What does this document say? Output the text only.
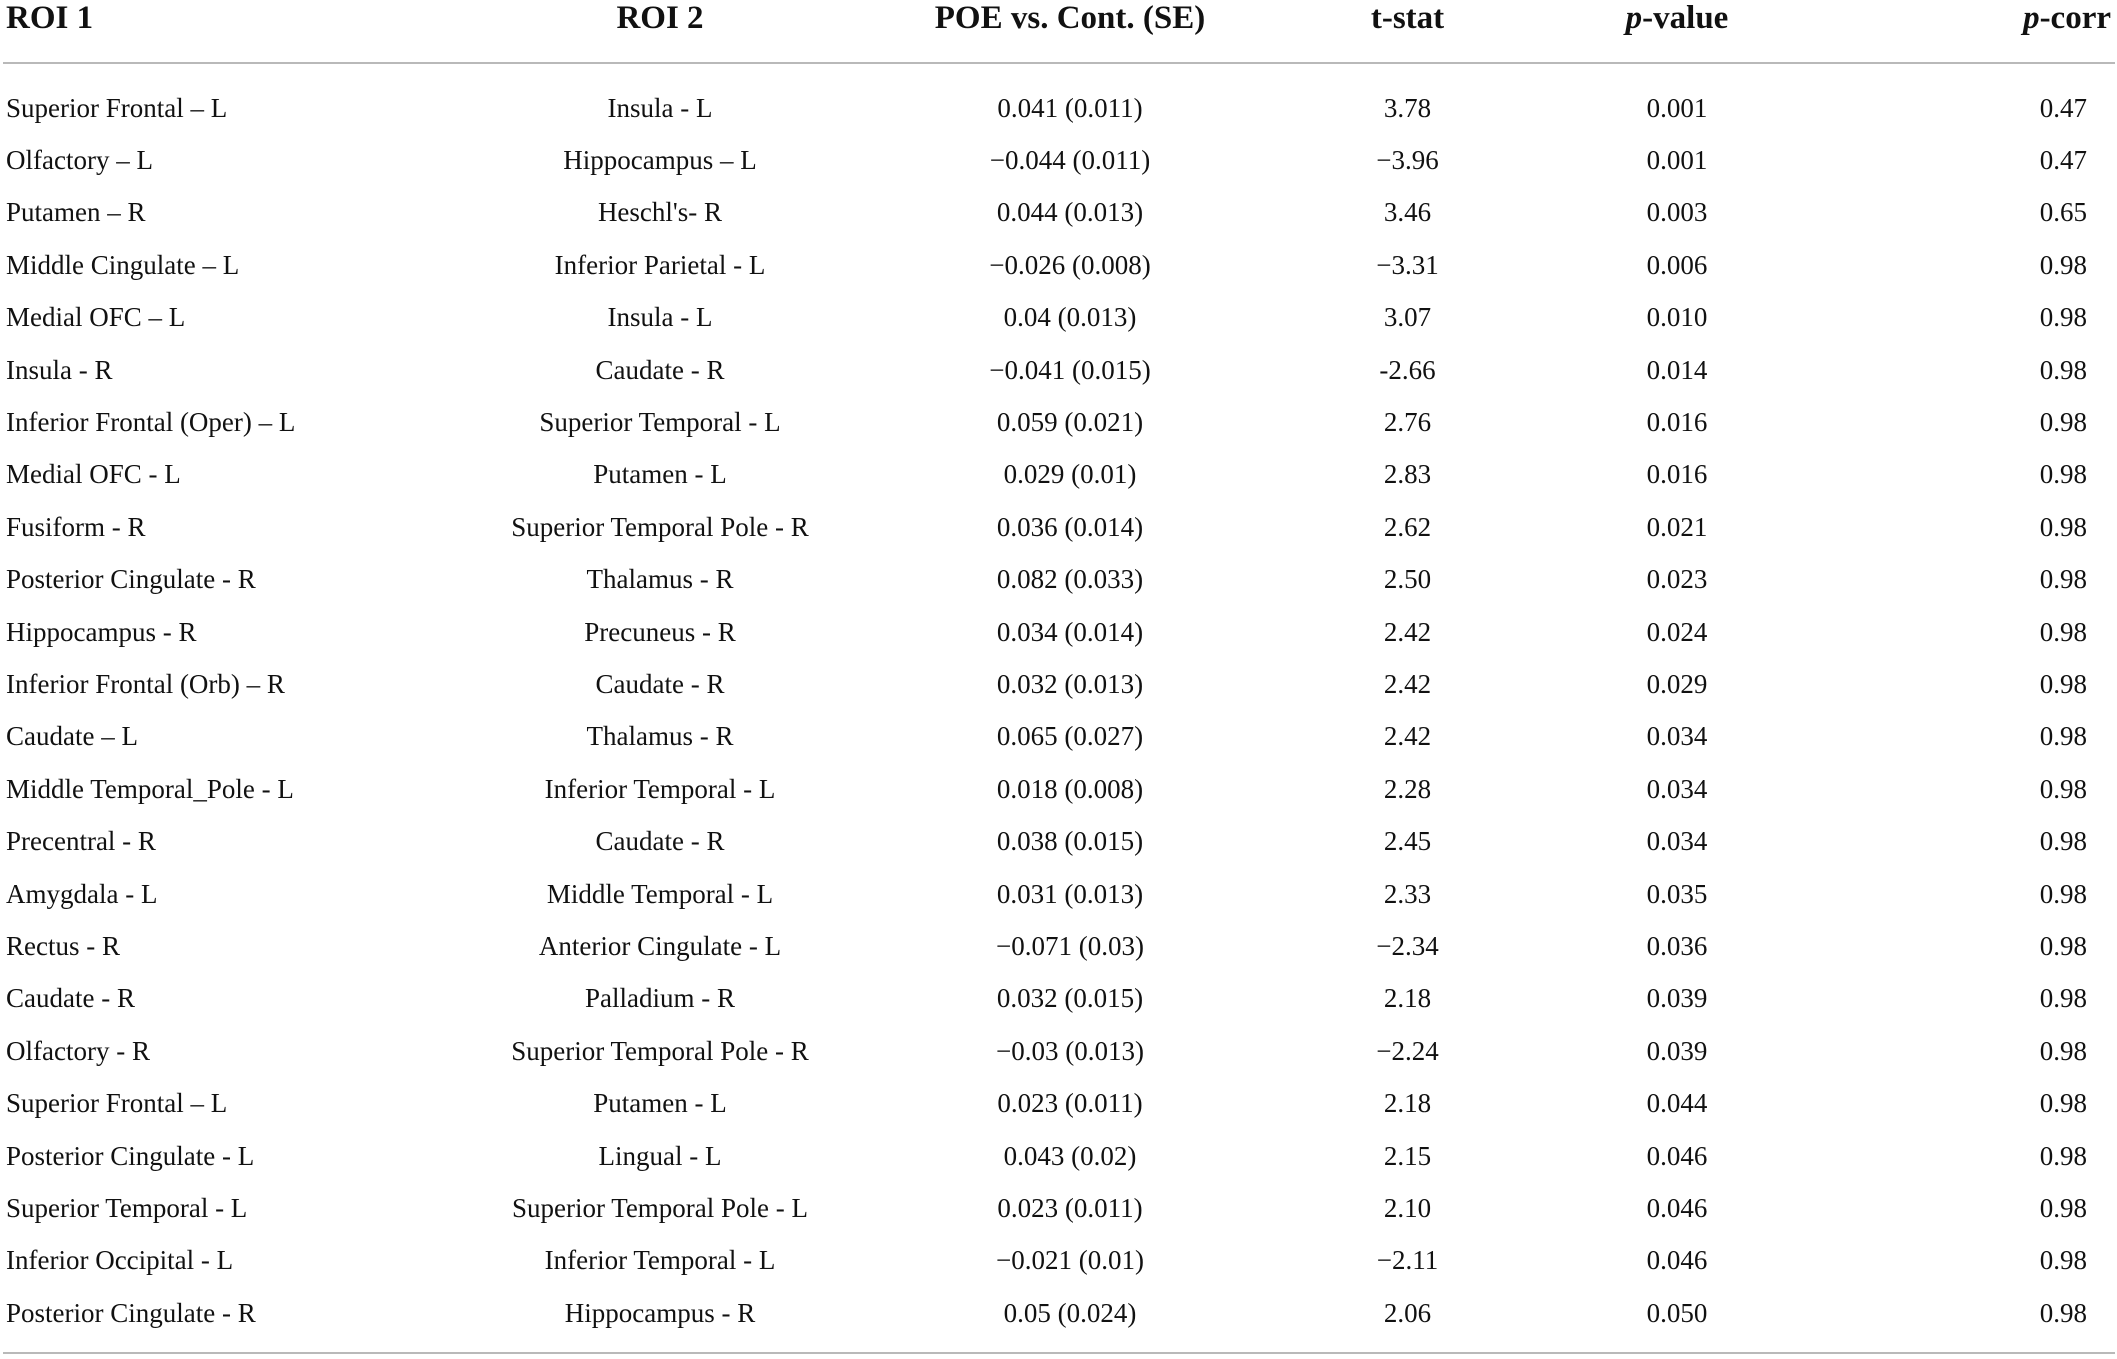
ROI 1	ROI 2	POE vs. Cont. (SE)	t-stat	p-value	p-corr
Superior Frontal – L	Insula - L	0.041 (0.011)	3.78	0.001	0.47
Olfactory – L	Hippocampus – L	−0.044 (0.011)	−3.96	0.001	0.47
Putamen – R	Heschl's- R	0.044 (0.013)	3.46	0.003	0.65
Middle Cingulate – L	Inferior Parietal - L	−0.026 (0.008)	−3.31	0.006	0.98
Medial OFC – L	Insula - L	0.04 (0.013)	3.07	0.010	0.98
Insula - R	Caudate - R	−0.041 (0.015)	-2.66	0.014	0.98
Inferior Frontal (Oper) – L	Superior Temporal - L	0.059 (0.021)	2.76	0.016	0.98
Medial OFC - L	Putamen - L	0.029 (0.01)	2.83	0.016	0.98
Fusiform - R	Superior Temporal Pole - R	0.036 (0.014)	2.62	0.021	0.98
Posterior Cingulate - R	Thalamus - R	0.082 (0.033)	2.50	0.023	0.98
Hippocampus - R	Precuneus - R	0.034 (0.014)	2.42	0.024	0.98
Inferior Frontal (Orb) – R	Caudate - R	0.032 (0.013)	2.42	0.029	0.98
Caudate – L	Thalamus - R	0.065 (0.027)	2.42	0.034	0.98
Middle Temporal_Pole - L	Inferior Temporal - L	0.018 (0.008)	2.28	0.034	0.98
Precentral - R	Caudate - R	0.038 (0.015)	2.45	0.034	0.98
Amygdala - L	Middle Temporal - L	0.031 (0.013)	2.33	0.035	0.98
Rectus - R	Anterior Cingulate - L	−0.071 (0.03)	−2.34	0.036	0.98
Caudate - R	Palladium - R	0.032 (0.015)	2.18	0.039	0.98
Olfactory - R	Superior Temporal Pole - R	−0.03 (0.013)	−2.24	0.039	0.98
Superior Frontal – L	Putamen - L	0.023 (0.011)	2.18	0.044	0.98
Posterior Cingulate - L	Lingual - L	0.043 (0.02)	2.15	0.046	0.98
Superior Temporal - L	Superior Temporal Pole - L	0.023 (0.011)	2.10	0.046	0.98
Inferior Occipital - L	Inferior Temporal - L	−0.021 (0.01)	−2.11	0.046	0.98
Posterior Cingulate - R	Hippocampus - R	0.05 (0.024)	2.06	0.050	0.98
